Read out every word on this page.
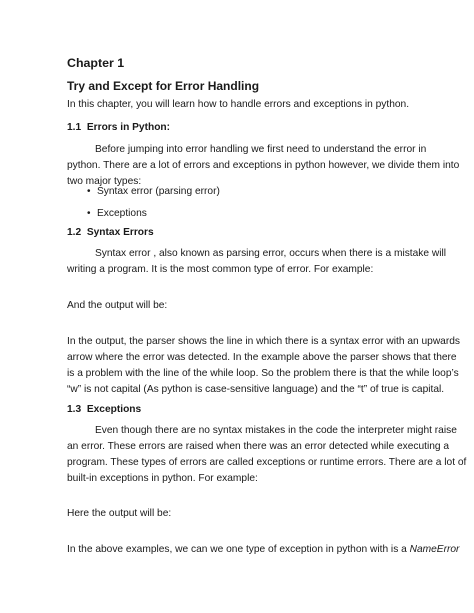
Chapter 1

Try and Except for Error Handling

In this chapter, you will learn how to handle errors and exceptions in python.

1.1 Errors in Python:

Before jumping into error handling we first need to understand the error in

python. There are a lot of errors and exceptions in python however, we divide them into

two major types:

• Syntax error (parsing error)
• Exceptions

1.2 Syntax Errors

Syntax error , also known as parsing error, occurs when there is a mistake will

writing a program. It is the most common type of error. For example:

And the output will be:

In the output, the parser shows the line in which there is a syntax error with an upwards

arrow where the error was detected. In the example above the parser shows that there

is a problem with the line of the while loop. So the problem there is that the while loop’s

“w” is not capital (As python is case-sensitive language) and the “t” of true is capital.

1.3 Exceptions

Even though there are no syntax mistakes in the code the interpreter might raise

an error. These errors are raised when there was an error detected while executing a

program. These types of errors are called exceptions or runtime errors. There are a lot of

built-in exceptions in python. For example:

Here the output will be:

In the above examples, we can we one type of exception in python with is a NameError
